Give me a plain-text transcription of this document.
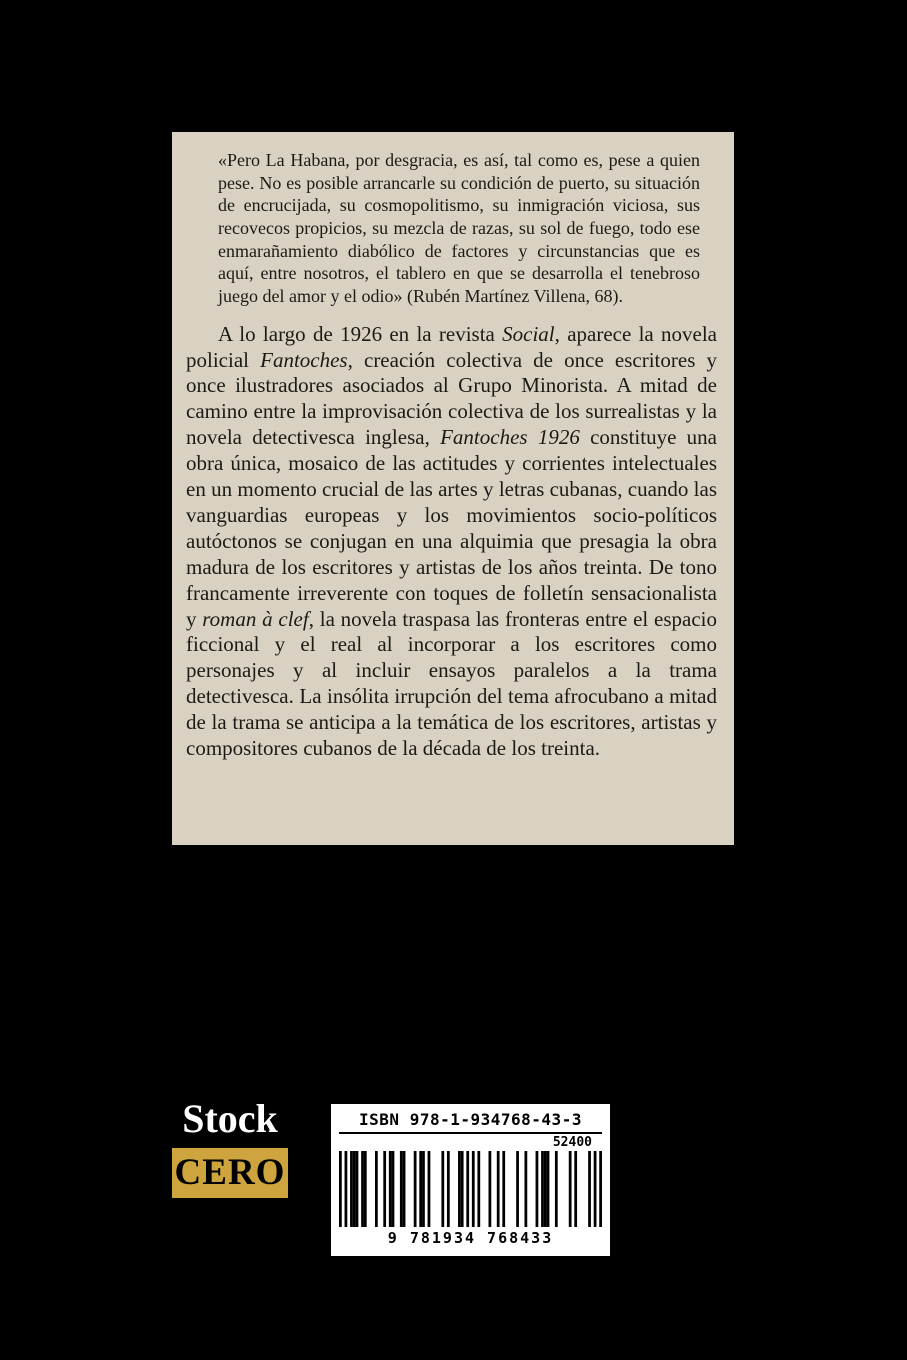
«Pero La Habana, por desgracia, es así, tal como es, pese a quien pese. No es posible arrancarle su condición de puerto, su situación de encrucijada, su cosmopolitismo, su inmigración viciosa, sus recovecos propicios, su mezcla de razas, su sol de fuego, todo ese enmarañamiento diabólico de factores y circunstancias que es aquí, entre nosotros, el tablero en que se desarrolla el tenebroso juego del amor y el odio» (Rubén Martínez Villena, 68).

A lo largo de 1926 en la revista Social, aparece la novela policial Fantoches, creación colectiva de once escritores y once ilustradores asociados al Grupo Minorista. A mitad de camino entre la improvisación colectiva de los surrealistas y la novela detectivesca inglesa, Fantoches 1926 constituye una obra única, mosaico de las actitudes y corrientes intelectuales en un momento crucial de las artes y letras cubanas, cuando las vanguardias europeas y los movimientos socio-políticos autóctonos se conjugan en una alquimia que presagia la obra madura de los escritores y artistas de los años treinta. De tono francamente irreverente con toques de folletín sensacionalista y roman à clef, la novela traspasa las fronteras entre el espacio ficcional y el real al incorporar a los escritores como personajes y al incluir ensayos paralelos a la trama detectivesca. La insólita irrupción del tema afrocubano a mitad de la trama se anticipa a la temática de los escritores, artistas y compositores cubanos de la década de los treinta.

Stock
CERO
ISBN 978-1-934768-43-3
52400
9 781934 768433
